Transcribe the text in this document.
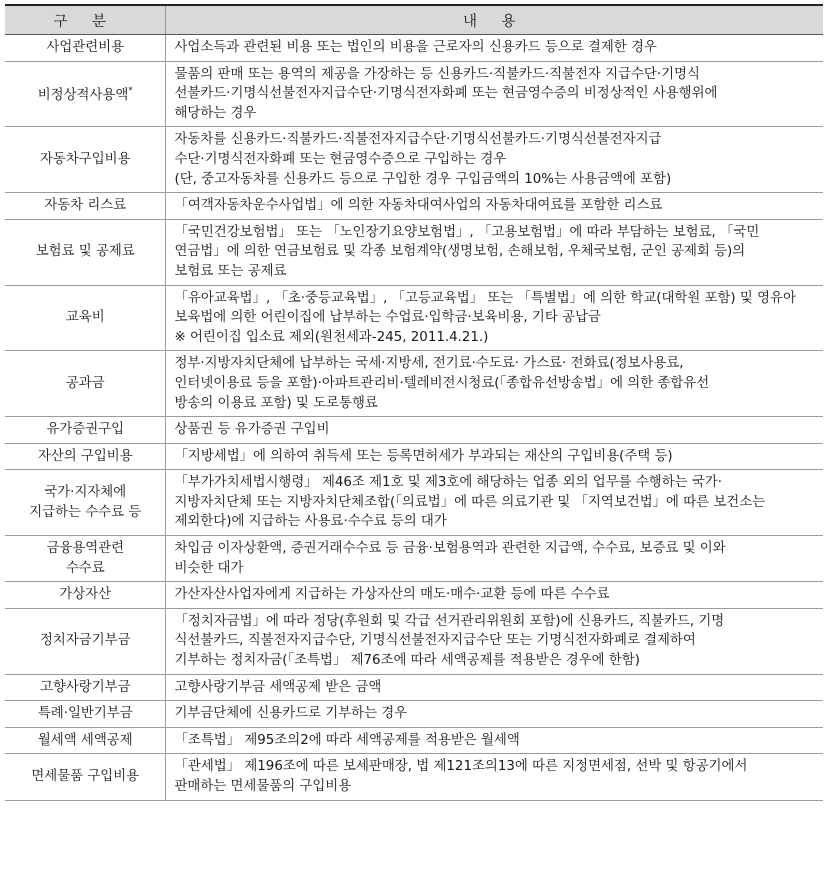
구 분	내 용

사업관련비용	사업소득과 관련된 비용 또는 법인의 비용을 근로자의 신용카드 등으로 결제한 경우

비정상적사용액*	물품의 판매 또는 용역의 제공을 가장하는 등 신용카드·직불카드·직불전자 지급수단·기명식
선불카드·기명식선불전자지급수단·기명식전자화폐 또는 현금영수증의 비정상적인 사용행위에
해당하는 경우

자동차구입비용	자동차를 신용카드·직불카드·직불전자지급수단·기명식선불카드·기명식선불전자지급
수단·기명식전자화폐 또는 현금영수증으로 구입하는 경우
(단, 중고자동차를 신용카드 등으로 구입한 경우 구입금액의 10%는 사용금액에 포함)

자동차 리스료	「여객자동차운수사업법」에 의한 자동차대여사업의 자동차대여료를 포함한 리스료

보험료 및 공제료	「국민건강보험법」 또는 「노인장기요양보험법」, 「고용보험법」에 따라 부담하는 보험료, 「국민
연금법」에 의한 연금보험료 및 각종 보험계약(생명보험, 손해보험, 우체국보험, 군인 공제회 등)의
보험료 또는 공제료

교육비	「유아교육법」, 「초·중등교육법」, 「고등교육법」 또는 「특별법」에 의한 학교(대학원 포함) 및 영유아
보육법에 의한 어린이집에 납부하는 수업료·입학금·보육비용, 기타 공납금
※ 어린이집 입소료 제외(원천세과-245, 2011.4.21.)

공과금	정부·지방자치단체에 납부하는 국세·지방세, 전기료·수도료· 가스료· 전화료(정보사용료,
인터넷이용료 등을 포함)·아파트관리비·텔레비전시청료(「종합유선방송법」에 의한 종합유선
방송의 이용료 포함) 및 도로통행료

유가증권구입	상품권 등 유가증권 구입비

자산의 구입비용	「지방세법」에 의하여 취득세 또는 등록면허세가 부과되는 재산의 구입비용(주택 등)

국가·지자체에
지급하는 수수료 등	「부가가치세법시행령」 제46조 제1호 및 제3호에 해당하는 업종 외의 업무를 수행하는 국가·
지방자치단체 또는 지방자치단체조합(「의료법」에 따른 의료기관 및 「지역보건법」에 따른 보건소는
제외한다)에 지급하는 사용료·수수료 등의 대가

금융용역관련
수수료	차입금 이자상환액, 증권거래수수료 등 금융·보험용역과 관련한 지급액, 수수료, 보증료 및 이와
비슷한 대가

가상자산	가산자산사업자에게 지급하는 가상자산의 매도·매수·교환 등에 따른 수수료

정치자금기부금	「정치자금법」에 따라 정당(후원회 및 각급 선거관리위원회 포함)에 신용카드, 직불카드, 기명
식선불카드, 직불전자지급수단, 기명식선불전자지급수단 또는 기명식전자화폐로 결제하여
기부하는 정치자금(「조특법」 제76조에 따라 세액공제를 적용받은 경우에 한함)

고향사랑기부금	고향사랑기부금 세액공제 받은 금액

특례·일반기부금	기부금단체에 신용카드로 기부하는 경우

월세액 세액공제	「조특법」 제95조의2에 따라 세액공제를 적용받은 월세액

면세물품 구입비용	「관세법」 제196조에 따른 보세판매장, 법 제121조의13에 따른 지정면세점, 선박 및 항공기에서
판매하는 면세물품의 구입비용
